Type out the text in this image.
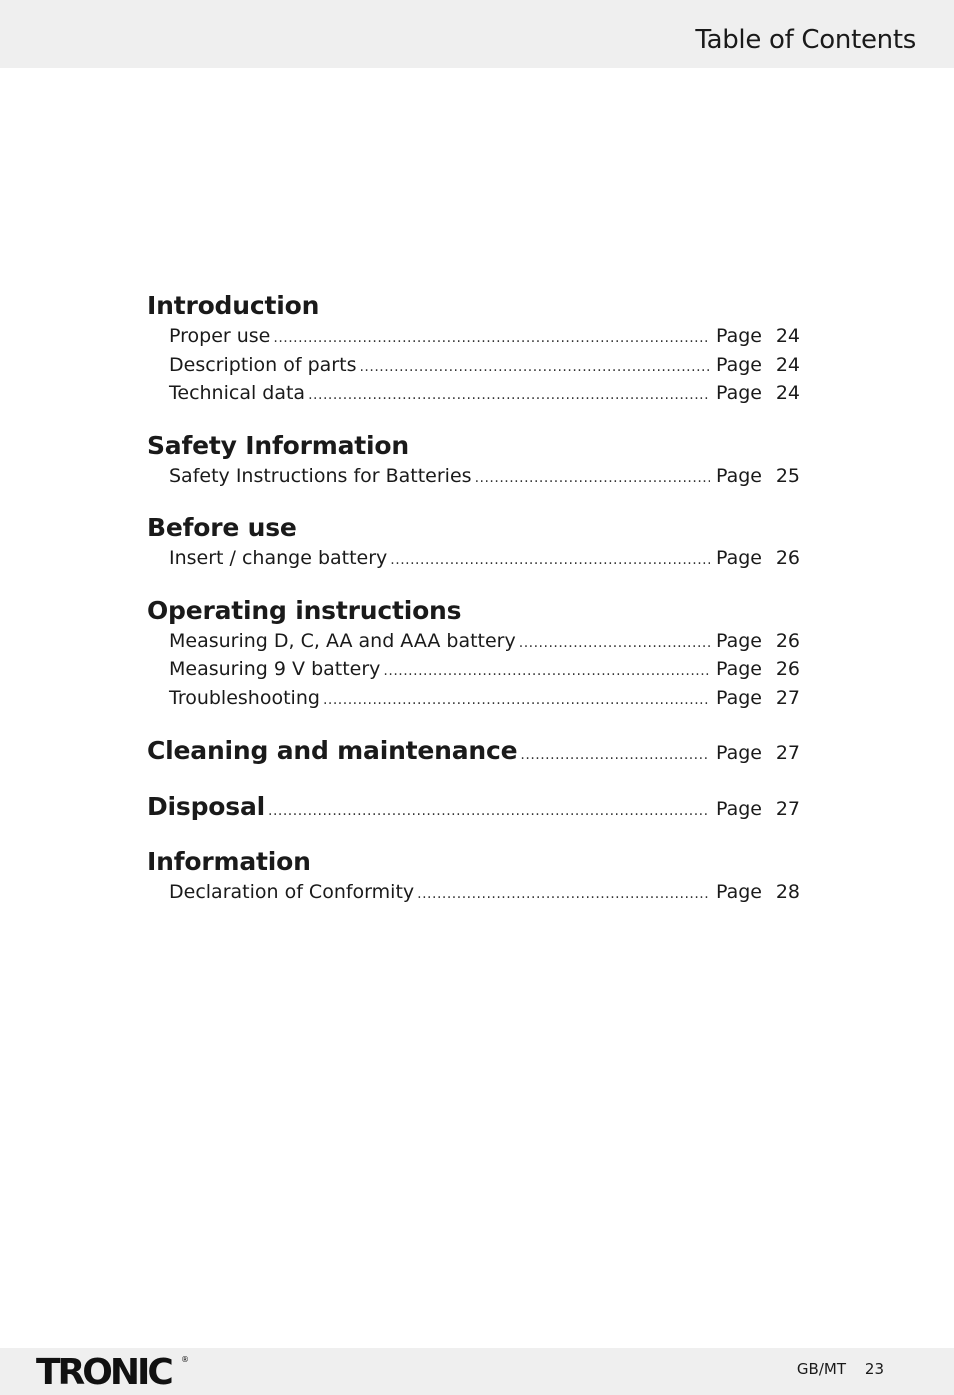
Table of Contents
Introduction
Proper use .....	Page 24
Description of parts .....	Page 24
Technical data .....	Page 24
Safety Information
Safety Instructions for Batteries .....	Page 25
Before use
Insert / change battery .....	Page 26
Operating instructions
Measuring D, C, AA and AAA battery .....	Page 26
Measuring 9 V battery .....	Page 26
Troubleshooting .....	Page 27
Cleaning and maintenance .....	Page 27
Disposal .....	Page 27
Information
Declaration of Conformity .....	Page 28
TRONIC ®
GB/MT 23
